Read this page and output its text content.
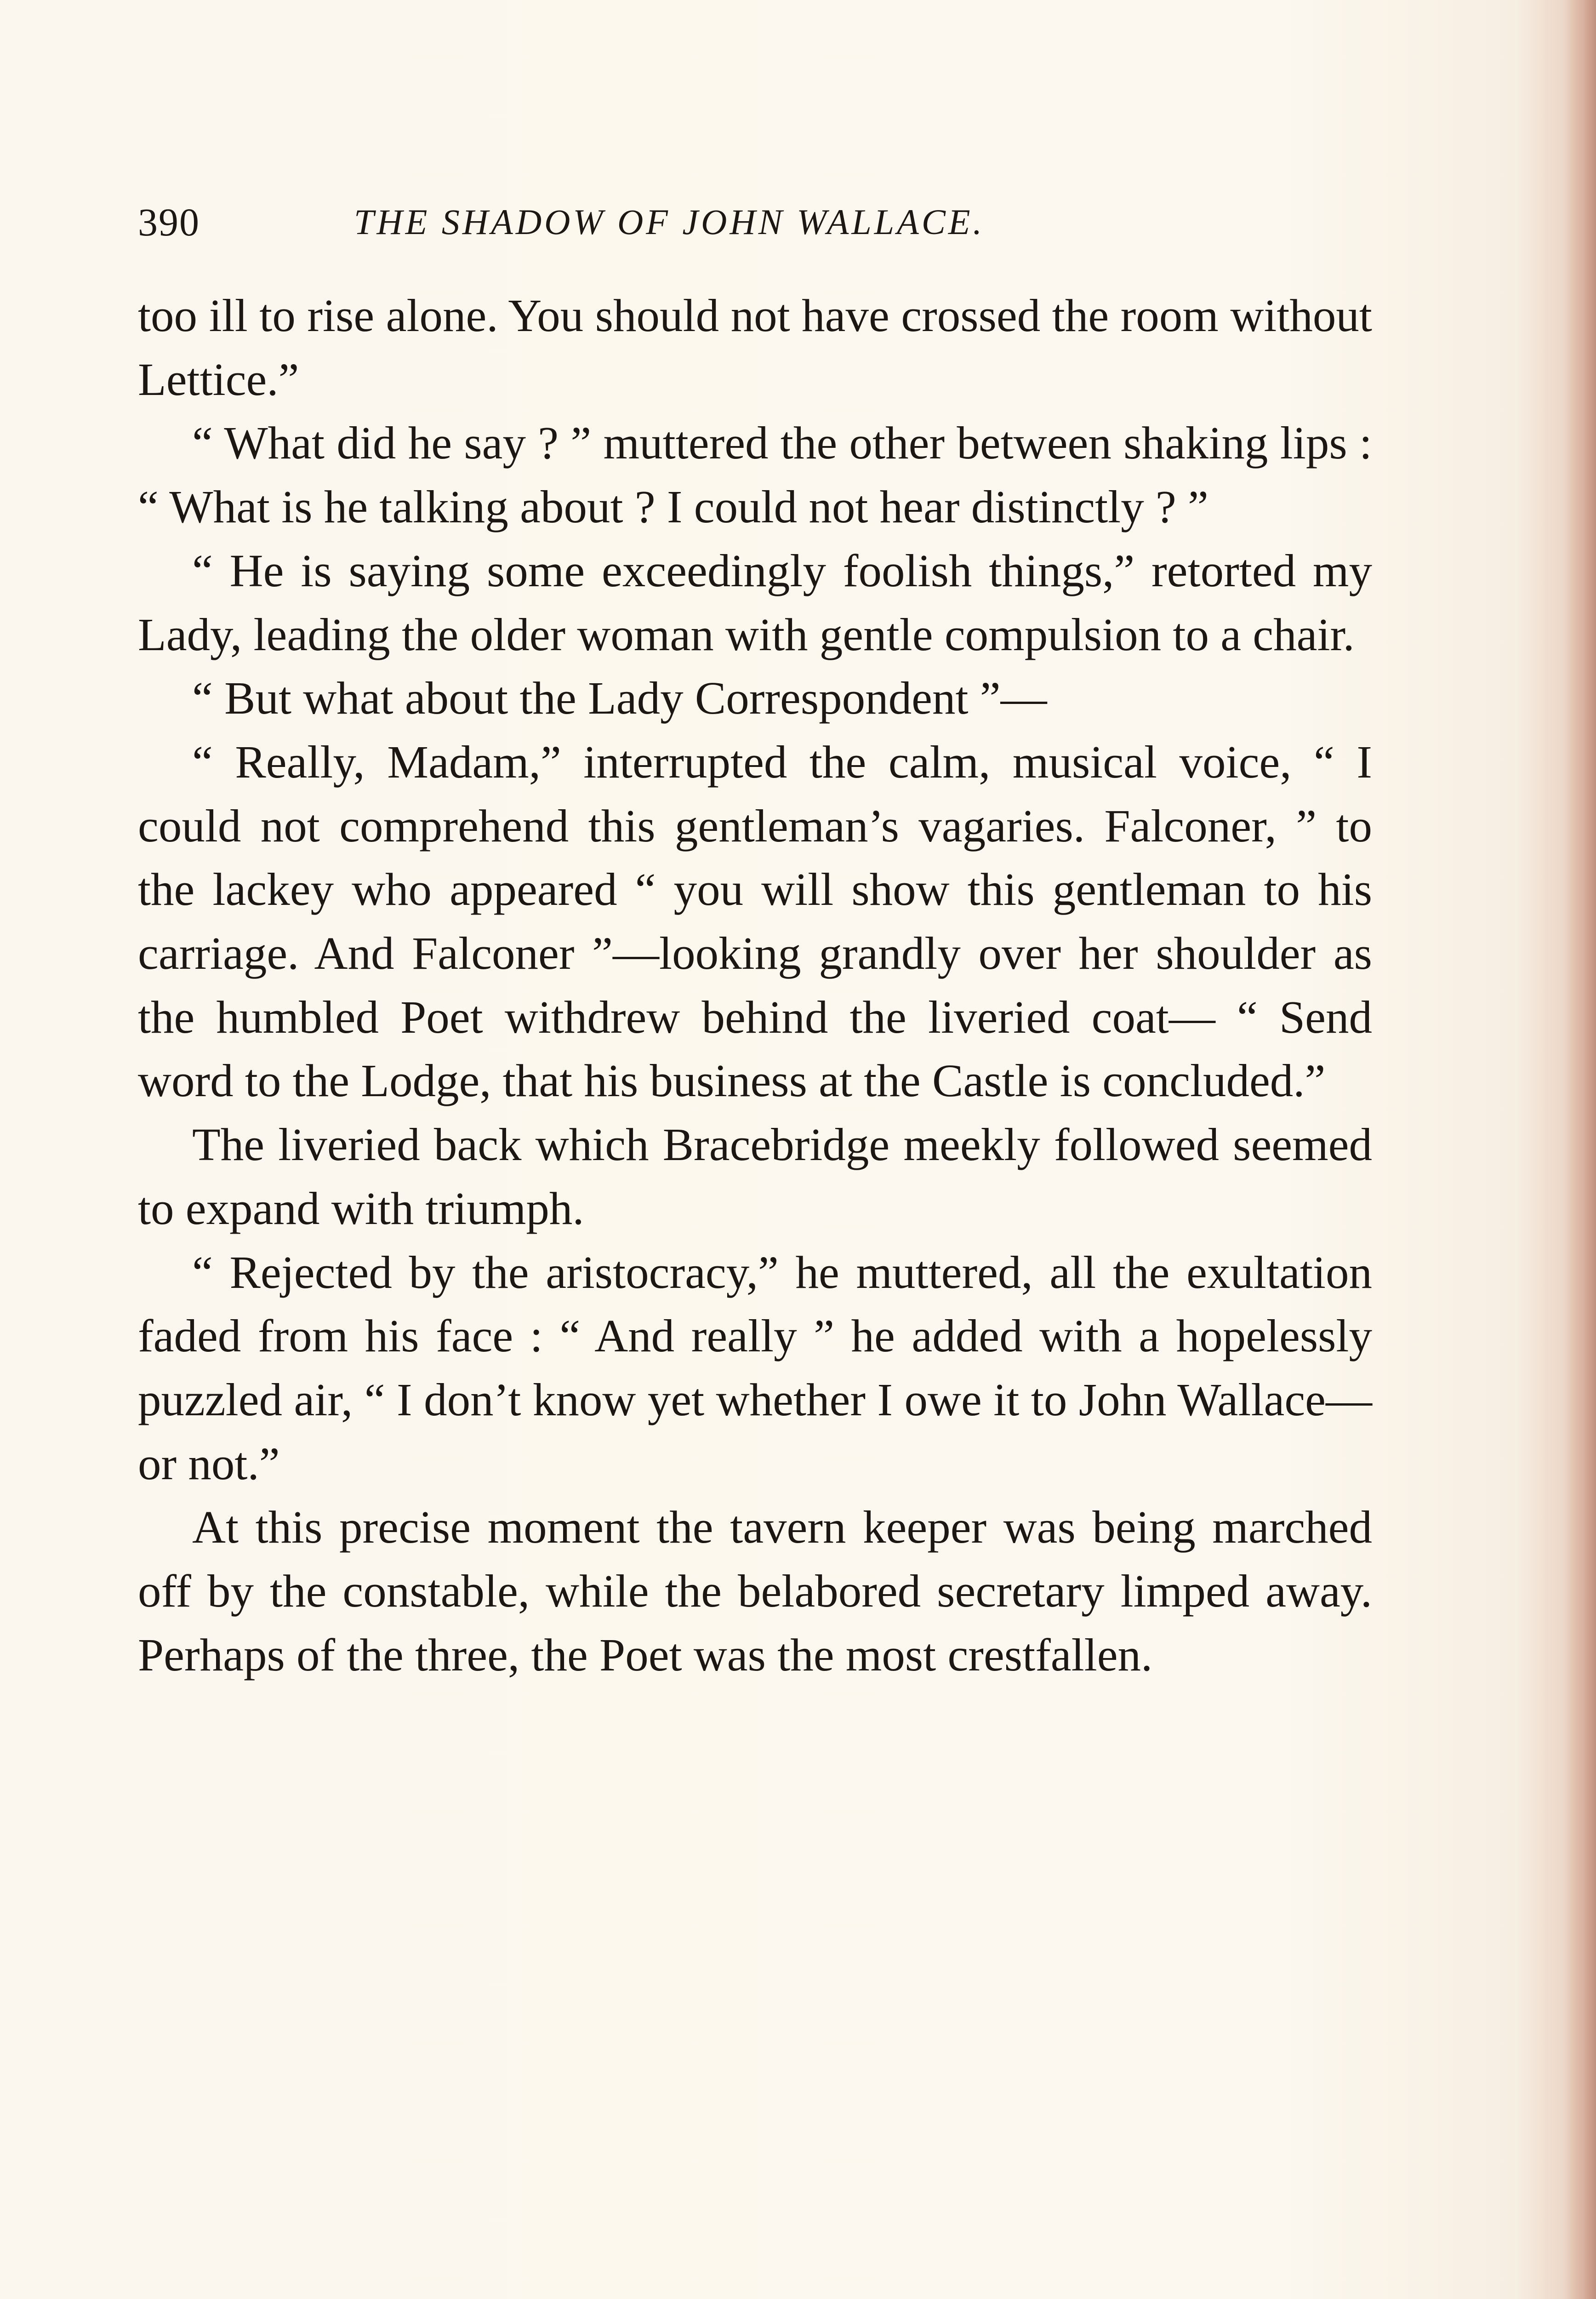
390	THE SHADOW OF JOHN WALLACE.

too ill to rise alone. You should not have crossed the room without Lettice.”

“ What did he say ? ” muttered the other between shaking lips : “ What is he talking about ? I could not hear distinctly ? ”

“ He is saying some exceedingly foolish things,” retorted my Lady, leading the older woman with gentle compulsion to a chair.

“ But what about the Lady Correspondent ”—

“ Really, Madam,” interrupted the calm, musical voice, “ I could not comprehend this gentleman’s vagaries. Falconer, ” to the lackey who appeared “ you will show this gentleman to his carriage. And Falconer ”—looking grandly over her shoulder as the humbled Poet withdrew behind the liveried coat— “ Send word to the Lodge, that his business at the Castle is concluded.”

The liveried back which Bracebridge meekly followed seemed to expand with triumph.

“ Rejected by the aristocracy,” he muttered, all the exultation faded from his face : “ And really ” he added with a hopelessly puzzled air, “ I don’t know yet whether I owe it to John Wallace—or not.”

At this precise moment the tavern keeper was being marched off by the constable, while the belabored secretary limped away. Perhaps of the three, the Poet was the most crestfallen.
